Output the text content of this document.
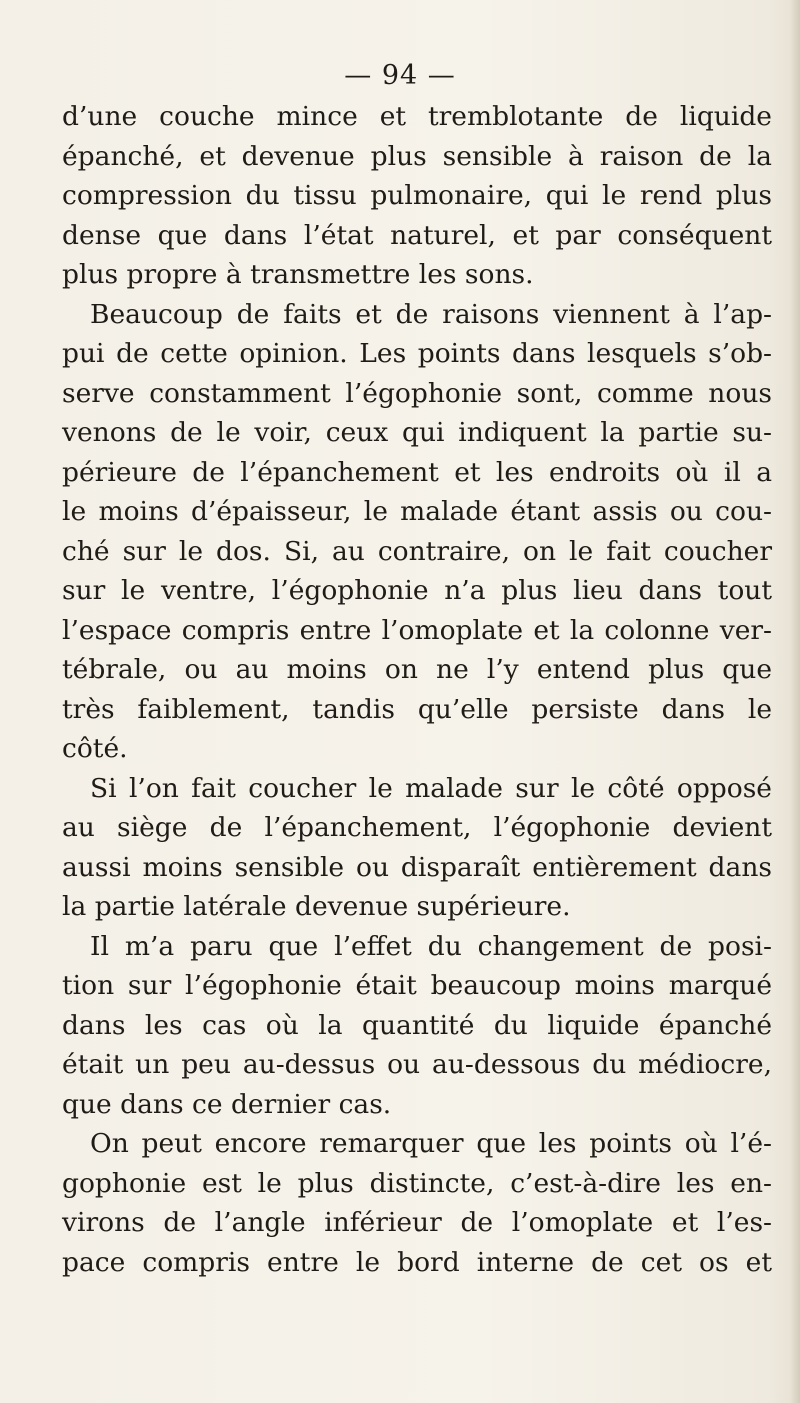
— 94 —
d’une couche mince et tremblotante de liquide
épanché, et devenue plus sensible à raison de la
compression du tissu pulmonaire, qui le rend plus
dense que dans l’état naturel, et par conséquent
plus propre à transmettre les sons.
Beaucoup de faits et de raisons viennent à l’ap-
pui de cette opinion. Les points dans lesquels s’ob-
serve constamment l’égophonie sont, comme nous
venons de le voir, ceux qui indiquent la partie su-
périeure de l’épanchement et les endroits où il a
le moins d’épaisseur, le malade étant assis ou cou-
ché sur le dos. Si, au contraire, on le fait coucher
sur le ventre, l’égophonie n’a plus lieu dans tout
l’espace compris entre l’omoplate et la colonne ver-
tébrale, ou au moins on ne l’y entend plus que
très faiblement, tandis qu’elle persiste dans le
côté.
Si l’on fait coucher le malade sur le côté opposé
au siège de l’épanchement, l’égophonie devient
aussi moins sensible ou disparaît entièrement dans
la partie latérale devenue supérieure.
Il m’a paru que l’effet du changement de posi-
tion sur l’égophonie était beaucoup moins marqué
dans les cas où la quantité du liquide épanché
était un peu au-dessus ou au-dessous du médiocre,
que dans ce dernier cas.
On peut encore remarquer que les points où l’é-
gophonie est le plus distincte, c’est-à-dire les en-
virons de l’angle inférieur de l’omoplate et l’es-
pace compris entre le bord interne de cet os et
